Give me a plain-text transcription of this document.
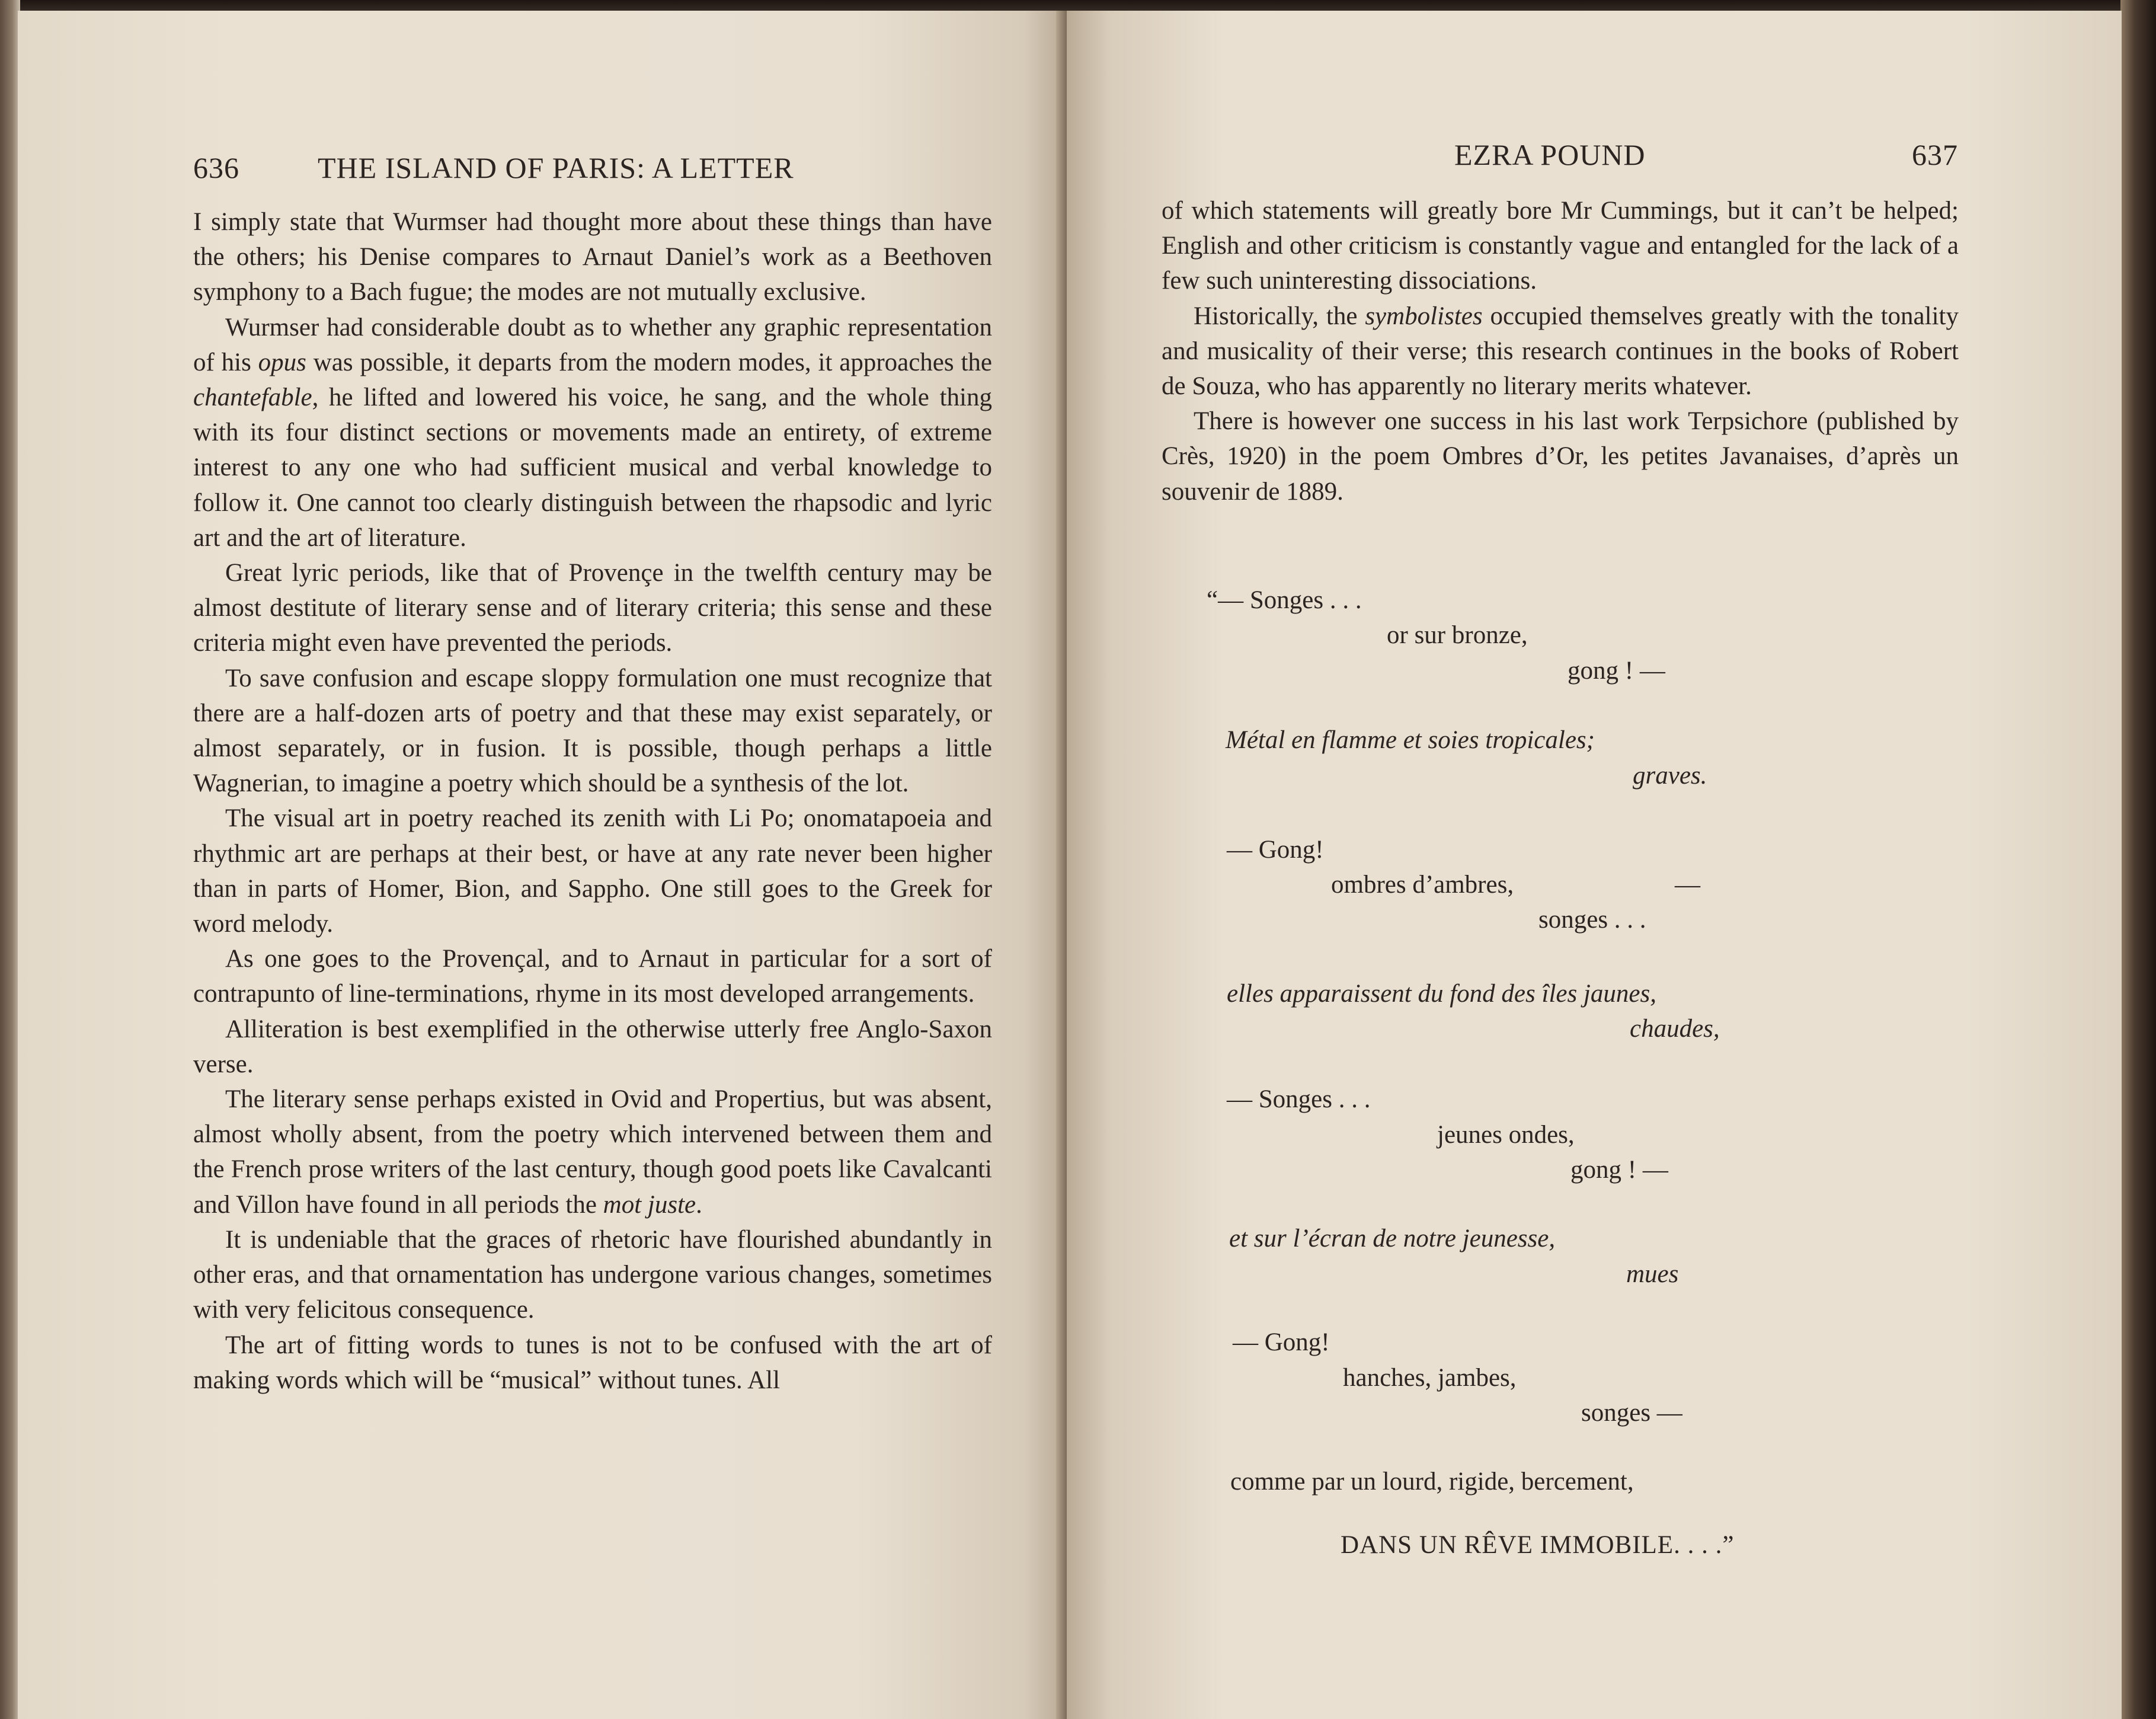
636	THE ISLAND OF PARIS: A LETTER

I simply state that Wurmser had thought more about these things than have the others; his Denise compares to Arnaut Daniel’s work as a Beethoven symphony to a Bach fugue; the modes are not mutually exclusive.

Wurmser had considerable doubt as to whether any graphic representation of his opus was possible, it departs from the modern modes, it approaches the chantefable, he lifted and lowered his voice, he sang, and the whole thing with its four distinct sections or movements made an entirety, of extreme interest to any one who had sufficient musical and verbal knowledge to follow it. One cannot too clearly distinguish between the rhapsodic and lyric art and the art of literature.

Great lyric periods, like that of Provençe in the twelfth century may be almost destitute of literary sense and of literary criteria; this sense and these criteria might even have prevented the periods.

To save confusion and escape sloppy formulation one must recognize that there are a half-dozen arts of poetry and that these may exist separately, or almost separately, or in fusion. It is possible, though perhaps a little Wagnerian, to imagine a poetry which should be a synthesis of the lot.

The visual art in poetry reached its zenith with Li Po; onomatapoeia and rhythmic art are perhaps at their best, or have at any rate never been higher than in parts of Homer, Bion, and Sappho. One still goes to the Greek for word melody.

As one goes to the Provençal, and to Arnaut in particular for a sort of contrapunto of line-terminations, rhyme in its most developed arrangements.

Alliteration is best exemplified in the otherwise utterly free Anglo-Saxon verse.

The literary sense perhaps existed in Ovid and Propertius, but was absent, almost wholly absent, from the poetry which intervened between them and the French prose writers of the last century, though good poets like Cavalcanti and Villon have found in all periods the mot juste.

It is undeniable that the graces of rhetoric have flourished abundantly in other eras, and that ornamentation has undergone various changes, sometimes with very felicitous consequence.

The art of fitting words to tunes is not to be confused with the art of making words which will be “musical” without tunes. All

EZRA POUND	637

of which statements will greatly bore Mr Cummings, but it can’t be helped; English and other criticism is constantly vague and entangled for the lack of a few such uninteresting dissociations.

Historically, the symbolistes occupied themselves greatly with the tonality and musicality of their verse; this research continues in the books of Robert de Souza, who has apparently no literary merits whatever.

There is however one success in his last work Terpsichore (published by Crès, 1920) in the poem Ombres d’Or, les petites Javanaises, d’après un souvenir de 1889.

“— Songes . . .
or sur bronze,
gong ! —
Métal en flamme et soies tropicales;
graves.
— Gong!
ombres d’ambres,	—
songes . . .
elles apparaissent du fond des îles jaunes,
chaudes,
— Songes . . .
jeunes ondes,
gong ! —
et sur l’écran de notre jeunesse,
mues
— Gong!
hanches, jambes,
songes —
comme par un lourd, rigide, bercement,
DANS UN RÊVE IMMOBILE. . . .”
